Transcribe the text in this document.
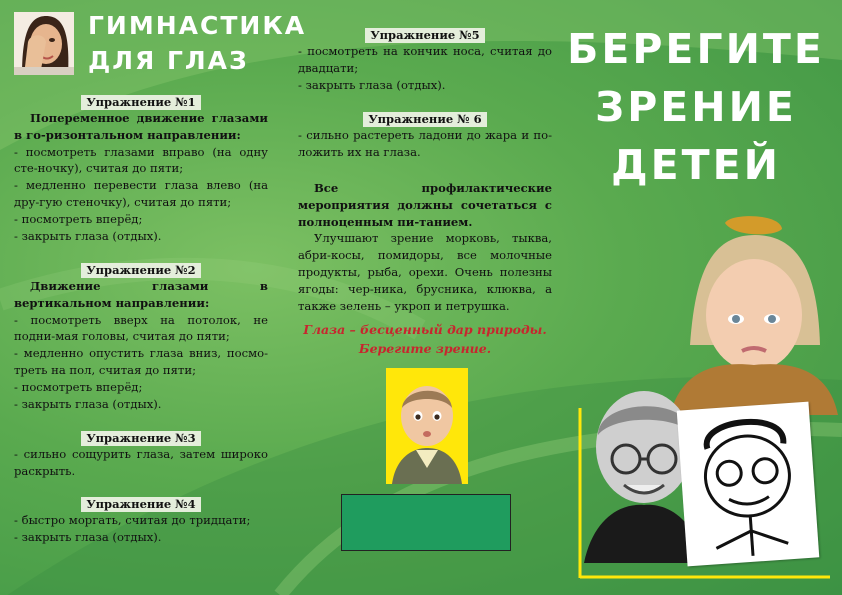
ГИМНАСТИКА
ДЛЯ ГЛАЗ
Упражнение №1

Попеременное движение глазами в го-ризонтальном направлении:

- посмотреть глазами вправо (на одну сте-ночку), считая до пяти;

- медленно перевести глаза влево (на дру-гую стеночку), считая до пяти;

- посмотреть вперёд;

- закрыть глаза (отдых).

Упражнение №2

Движение глазами в вертикальном направлении:

- посмотреть вверх на потолок, не подни-мая головы, считая до пяти;

- медленно опустить глаза вниз, посмо-треть на пол, считая до пяти;

- посмотреть вперёд;

- закрыть глаза (отдых).

Упражнение №3

- сильно сощурить глаза, затем широко раскрыть.

Упражнение №4

- быстро моргать, считая до тридцати;

- закрыть глаза (отдых).

Упражнение №5

- посмотреть на кончик носа, считая до двадцати;

- закрыть глаза (отдых).

Упражнение № 6

- сильно растереть ладони до жара и по-ложить их на глаза.

Все профилактические мероприятия должны сочетаться с полноценным пи-танием.

Улучшают зрение морковь, тыква, абри-косы, помидоры, все молочные продукты, рыба, орехи. Очень полезны ягоды: чер-ника, брусника, клюква, а также зелень – укроп и петрушка.

Глаза – бесценный дар природы.
Берегите зрение.
БЕРЕГИТЕ
ЗРЕНИЕ
ДЕТЕЙ
